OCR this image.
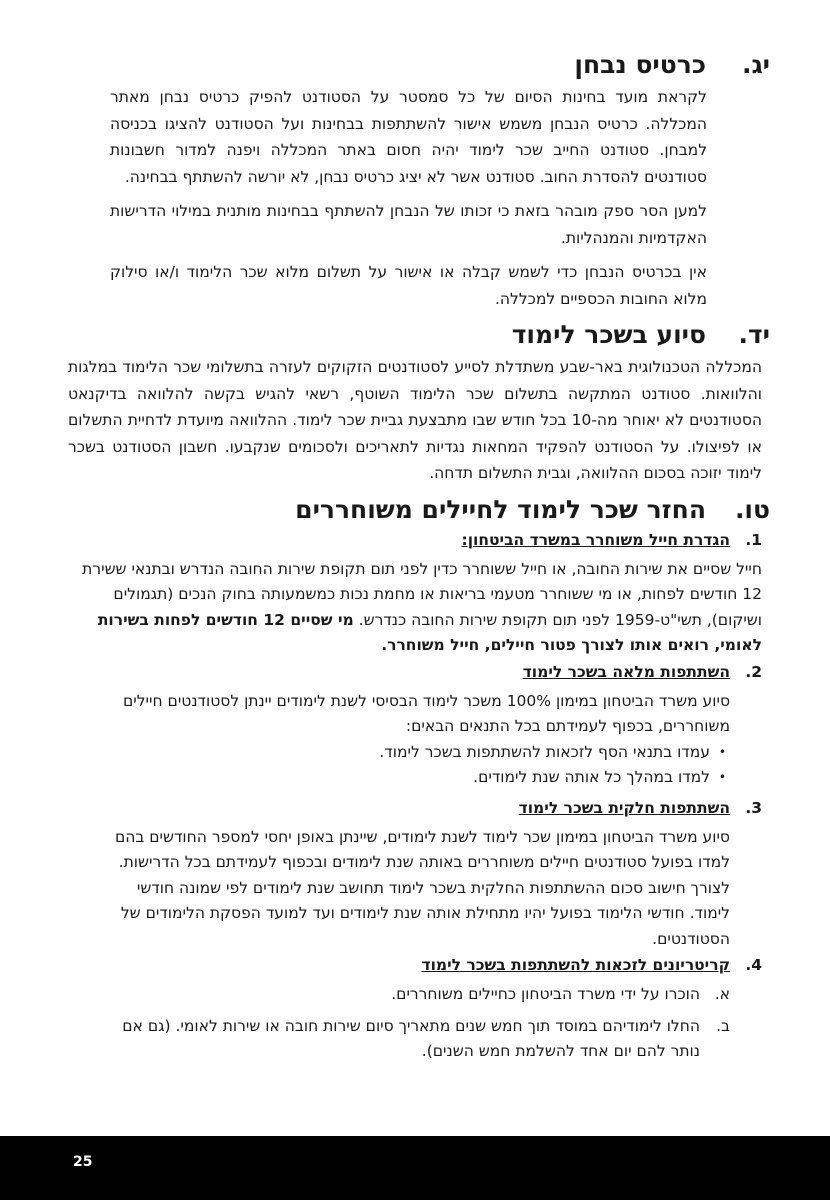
יג.
כרטיס נבחן

לקראת מועד בחינות הסיום של כל סמסטר על הסטודנט להפיק כרטיס נבחן מאתר המכללה. כרטיס הנבחן משמש אישור להשתתפות בבחינות ועל הסטודנט להציגו בכניסה למבחן. סטודנט החייב שכר לימוד יהיה חסום באתר המכללה ויפנה למדור חשבונות סטודנטים להסדרת החוב. סטודנט אשר לא יציג כרטיס נבחן, לא יורשה להשתתף בבחינה.

למען הסר ספק מובהר בזאת כי זכותו של הנבחן להשתתף בבחינות מותנית במילוי הדרישות האקדמיות והמנהליות.

אין בכרטיס הנבחן כדי לשמש קבלה או אישור על תשלום מלוא שכר הלימוד ו/או סילוק מלוא החובות הכספיים למכללה.

יד.
סיוע בשכר לימוד

המכללה הטכנולוגית באר-שבע משתדלת לסייע לסטודנטים הזקוקים לעזרה בתשלומי שכר הלימוד במלגות והלוואות. סטודנט המתקשה בתשלום שכר הלימוד השוטף, רשאי להגיש בקשה להלוואה בדיקנאט הסטודנטים לא יאוחר מה-10 בכל חודש שבו מתבצעת גביית שכר לימוד. ההלוואה מיועדת לדחיית התשלום או לפיצולו. על הסטודנט להפקיד המחאות נגדיות לתאריכים ולסכומים שנקבעו. חשבון הסטודנט בשכר לימוד יזוכה בסכום ההלוואה, וגבית התשלום תדחה.

טו.
החזר שכר לימוד לחיילים משוחררים
1.
הגדרת חייל משוחרר במשרד הביטחון:

חייל שסיים את שירות החובה, או חייל ששוחרר כדין לפני תום תקופת שירות החובה הנדרש ובתנאי ששירת 12 חודשים לפחות, או מי ששוחרר מטעמי בריאות או מחמת נכות כמשמעותה בחוק הנכים (תגמולים ושיקום), תשי"ט-1959 לפני תום תקופת שירות החובה כנדרש. מי שסיים 12 חודשים לפחות בשירות לאומי, רואים אותו לצורך פטור חיילים, חייל משוחרר.

2.
השתתפות מלאה בשכר לימוד

סיוע משרד הביטחון במימון 100% משכר לימוד הבסיסי לשנת לימודים יינתן לסטודנטים חיילים משוחררים, בכפוף לעמידתם בכל התנאים הבאים:

• עמדו בתנאי הסף לזכאות להשתתפות בשכר לימוד.
• למדו במהלך כל אותה שנת לימודים.
3.
השתתפות חלקית בשכר לימוד

סיוע משרד הביטחון במימון שכר לימוד לשנת לימודים, שיינתן באופן יחסי למספר החודשים בהם למדו בפועל סטודנטים חיילים משוחררים באותה שנת לימודים ובכפוף לעמידתם בכל הדרישות.

לצורך חישוב סכום ההשתתפות החלקית בשכר לימוד תחושב שנת לימודים לפי שמונה חודשי לימוד. חודשי הלימוד בפועל יהיו מתחילת אותה שנת לימודים ועד למועד הפסקת הלימודים של הסטודנטים.

4.
קריטריונים לזכאות להשתתפות בשכר לימוד
א.
הוכרו על ידי משרד הביטחון כחיילים משוחררים.
ב.
החלו לימודיהם במוסד תוך חמש שנים מתאריך סיום שירות חובה או שירות לאומי. (גם אם נותר להם יום אחד להשלמת חמש השנים).
25
